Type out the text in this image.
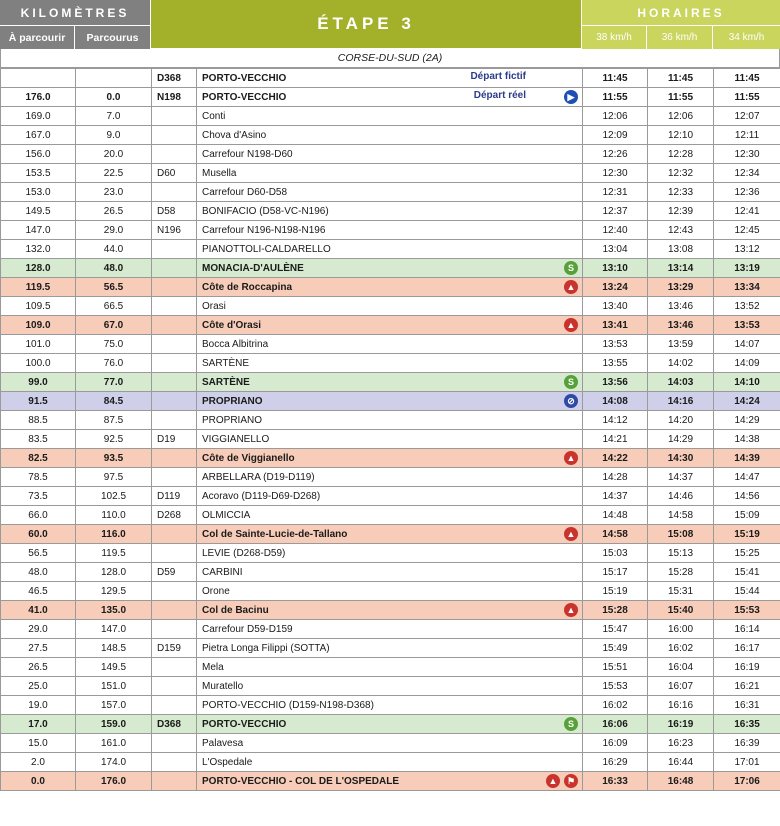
KILOMÈTRES
À parcourir	Parcourus
ÉTAPE 3
HORAIRES
38 km/h	36 km/h	34 km/h
CORSE-DU-SUD (2A)
		D368	PORTO-VECCHIO Départ fictif	11:45	11:45	11:45
176.0	0.0	N198	PORTO-VECCHIO Départ réel ▶	11:55	11:55	11:55
169.0	7.0		Conti	12:06	12:06	12:07
167.0	9.0		Chova d'Asino	12:09	12:10	12:11
156.0	20.0		Carrefour N198-D60	12:26	12:28	12:30
153.5	22.5	D60	Musella	12:30	12:32	12:34
153.0	23.0		Carrefour D60-D58	12:31	12:33	12:36
149.5	26.5	D58	BONIFACIO (D58-VC-N196)	12:37	12:39	12:41
147.0	29.0	N196	Carrefour N196-N198-N196	12:40	12:43	12:45
132.0	44.0		PIANOTTOLI-CALDARELLO	13:04	13:08	13:12
128.0	48.0		MONACIA-D'AULÈNE S	13:10	13:14	13:19
119.5	56.5		Côte de Roccapina ▲	13:24	13:29	13:34
109.5	66.5		Orasi	13:40	13:46	13:52
109.0	67.0		Côte d'Orasi ▲	13:41	13:46	13:53
101.0	75.0		Bocca Albitrina	13:53	13:59	14:07
100.0	76.0		SARTÈNE	13:55	14:02	14:09
99.0	77.0		SARTÈNE S	13:56	14:03	14:10
91.5	84.5		PROPRIANO ⊘	14:08	14:16	14:24
88.5	87.5		PROPRIANO	14:12	14:20	14:29
83.5	92.5	D19	VIGGIANELLO	14:21	14:29	14:38
82.5	93.5		Côte de Viggianello ▲	14:22	14:30	14:39
78.5	97.5		ARBELLARA (D19-D119)	14:28	14:37	14:47
73.5	102.5	D119	Acoravo (D119-D69-D268)	14:37	14:46	14:56
66.0	110.0	D268	OLMICCIA	14:48	14:58	15:09
60.0	116.0		Col de Sainte-Lucie-de-Tallano ▲	14:58	15:08	15:19
56.5	119.5		LEVIE (D268-D59)	15:03	15:13	15:25
48.0	128.0	D59	CARBINI	15:17	15:28	15:41
46.5	129.5		Orone	15:19	15:31	15:44
41.0	135.0		Col de Bacinu ▲	15:28	15:40	15:53
29.0	147.0		Carrefour D59-D159	15:47	16:00	16:14
27.5	148.5	D159	Pietra Longa Filippi (SOTTA)	15:49	16:02	16:17
26.5	149.5		Mela	15:51	16:04	16:19
25.0	151.0		Muratello	15:53	16:07	16:21
19.0	157.0		PORTO-VECCHIO (D159-N198-D368)	16:02	16:16	16:31
17.0	159.0	D368	PORTO-VECCHIO S	16:06	16:19	16:35
15.0	161.0		Palavesa	16:09	16:23	16:39
2.0	174.0		L'Ospedale	16:29	16:44	17:01
0.0	176.0		PORTO-VECCHIO - COL DE L'OSPEDALE ▲ ⚑	16:33	16:48	17:06
